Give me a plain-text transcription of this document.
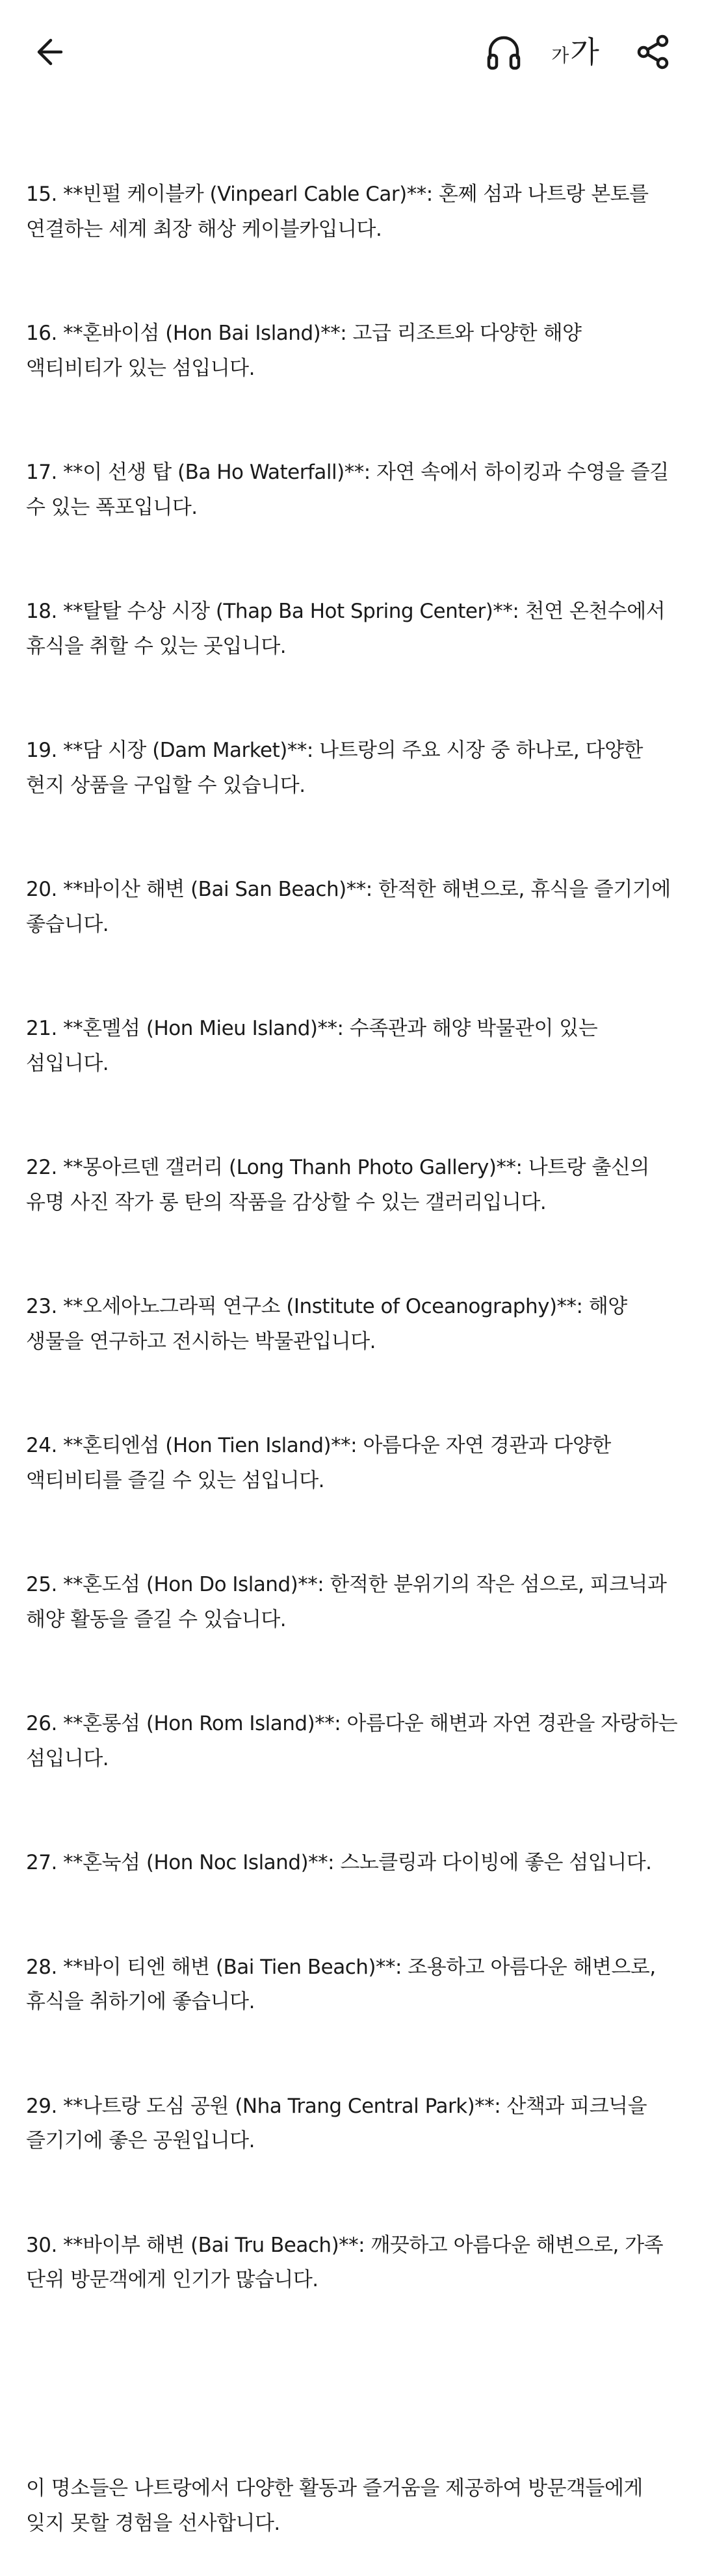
가 가

15. **빈펄 케이블카 (Vinpearl Cable Car)**: 혼쩨 섬과 나트랑 본토를 연결하는 세계 최장 해상 케이블카입니다.

16. **혼바이섬 (Hon Bai Island)**: 고급 리조트와 다양한 해양 액티비티가 있는 섬입니다.

17. **이 선생 탑 (Ba Ho Waterfall)**: 자연 속에서 하이킹과 수영을 즐길 수 있는 폭포입니다.

18. **탈탈 수상 시장 (Thap Ba Hot Spring Center)**: 천연 온천수에서 휴식을 취할 수 있는 곳입니다.

19. **담 시장 (Dam Market)**: 나트랑의 주요 시장 중 하나로, 다양한 현지 상품을 구입할 수 있습니다.

20. **바이산 해변 (Bai San Beach)**: 한적한 해변으로, 휴식을 즐기기에 좋습니다.

21. **혼멜섬 (Hon Mieu Island)**: 수족관과 해양 박물관이 있는 섬입니다.

22. **몽아르덴 갤러리 (Long Thanh Photo Gallery)**: 나트랑 출신의 유명 사진 작가 롱 탄의 작품을 감상할 수 있는 갤러리입니다.

23. **오세아노그라픽 연구소 (Institute of Oceanography)**: 해양 생물을 연구하고 전시하는 박물관입니다.

24. **혼티엔섬 (Hon Tien Island)**: 아름다운 자연 경관과 다양한 액티비티를 즐길 수 있는 섬입니다.

25. **혼도섬 (Hon Do Island)**: 한적한 분위기의 작은 섬으로, 피크닉과 해양 활동을 즐길 수 있습니다.

26. **혼롱섬 (Hon Rom Island)**: 아름다운 해변과 자연 경관을 자랑하는 섬입니다.

27. **혼눅섬 (Hon Noc Island)**: 스노클링과 다이빙에 좋은 섬입니다.

28. **바이 티엔 해변 (Bai Tien Beach)**: 조용하고 아름다운 해변으로, 휴식을 취하기에 좋습니다.

29. **나트랑 도심 공원 (Nha Trang Central Park)**: 산책과 피크닉을 즐기기에 좋은 공원입니다.

30. **바이부 해변 (Bai Tru Beach)**: 깨끗하고 아름다운 해변으로, 가족 단위 방문객에게 인기가 많습니다.

이 명소들은 나트랑에서 다양한 활동과 즐거움을 제공하여 방문객들에게 잊지 못할 경험을 선사합니다.
